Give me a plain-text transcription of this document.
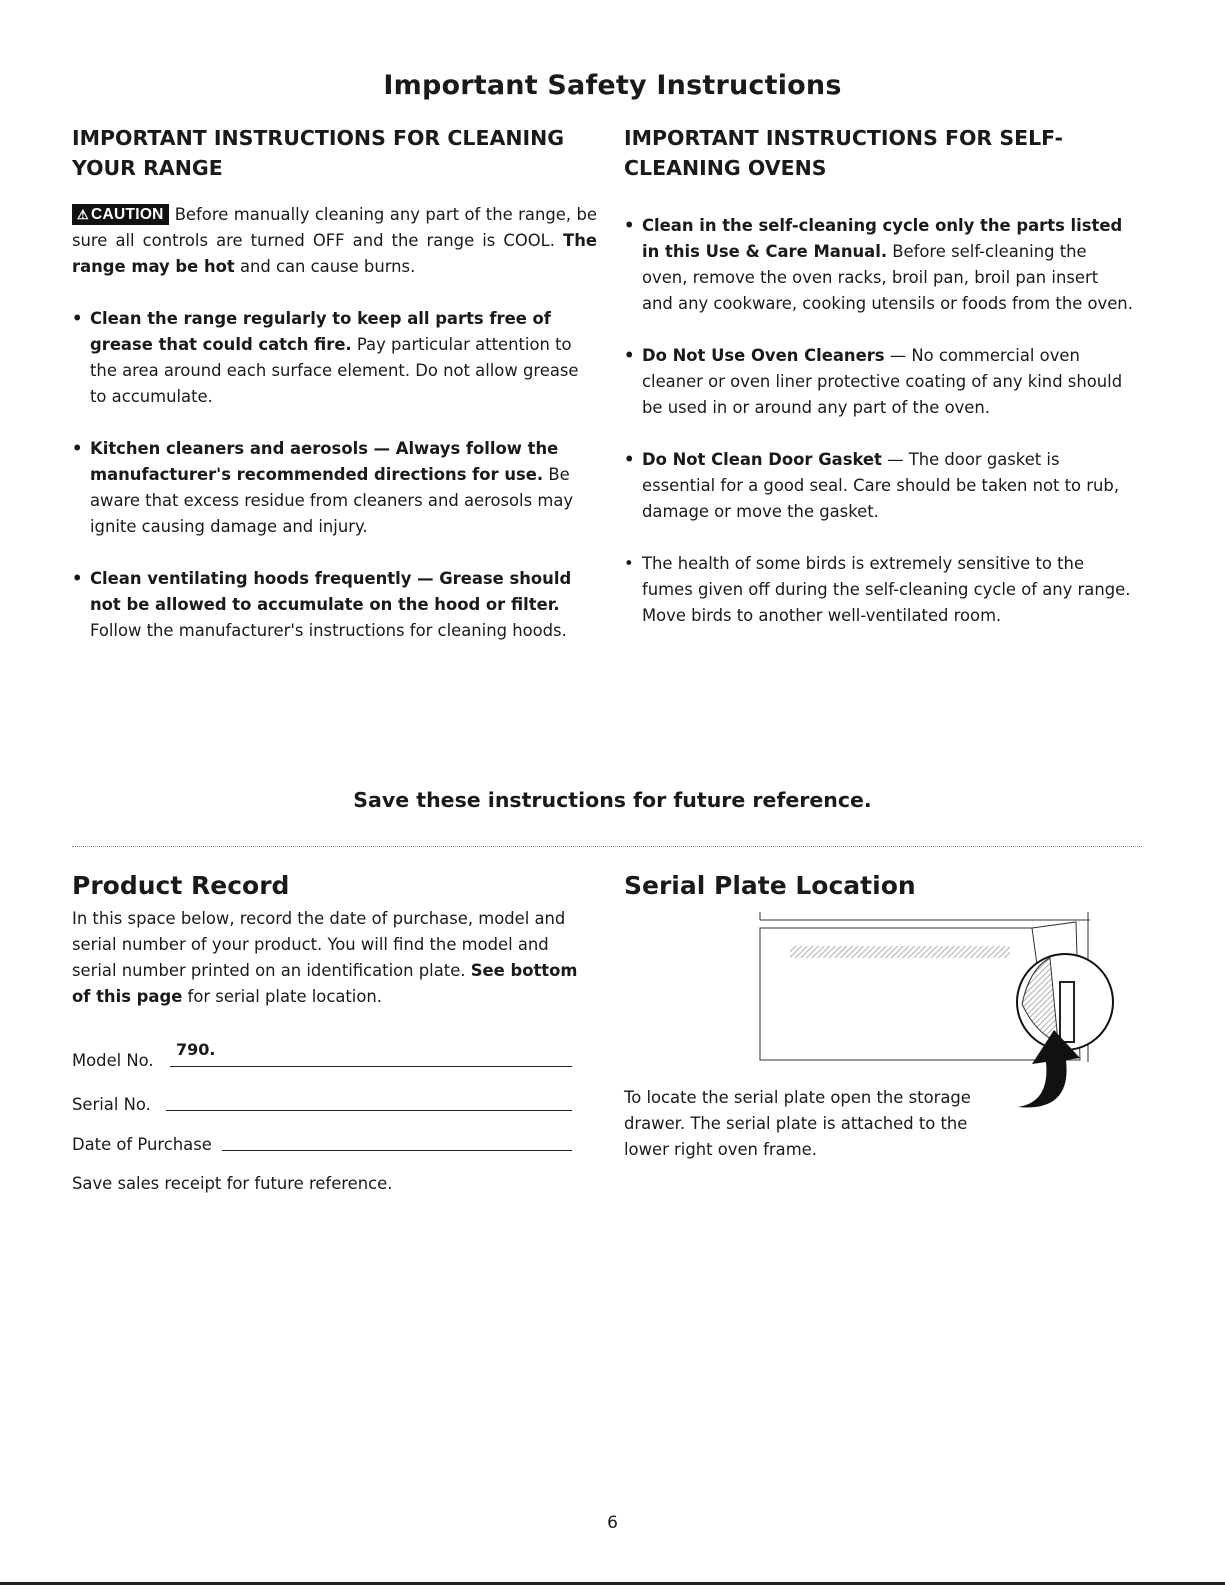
Important Safety Instructions
IMPORTANT INSTRUCTIONS FOR CLEANING
YOUR RANGE
⚠ CAUTION Before manually cleaning any part of the range, be sure all controls are turned OFF and the range is COOL. The range may be hot and can cause burns.
• Clean the range regularly to keep all parts free of grease that could catch fire. Pay particular attention to the area around each surface element. Do not allow grease to accumulate.
• Kitchen cleaners and aerosols — Always follow the manufacturer's recommended directions for use. Be aware that excess residue from cleaners and aerosols may ignite causing damage and injury.
• Clean ventilating hoods frequently — Grease should not be allowed to accumulate on the hood or filter. Follow the manufacturer's instructions for cleaning hoods.
IMPORTANT INSTRUCTIONS FOR SELF-
CLEANING OVENS
• Clean in the self-cleaning cycle only the parts listed in this Use & Care Manual. Before self-cleaning the oven, remove the oven racks, broil pan, broil pan insert and any cookware, cooking utensils or foods from the oven.
• Do Not Use Oven Cleaners — No commercial oven cleaner or oven liner protective coating of any kind should be used in or around any part of the oven.
• Do Not Clean Door Gasket — The door gasket is essential for a good seal. Care should be taken not to rub, damage or move the gasket.
• The health of some birds is extremely sensitive to the fumes given off during the self-cleaning cycle of any range. Move birds to another well-ventilated room.
Save these instructions for future reference.
Product Record
In this space below, record the date of purchase, model and serial number of your product. You will find the model and serial number printed on an identification plate. See bottom of this page for serial plate location.
Model No.
790.
Serial No.
Date of Purchase
Save sales receipt for future reference.
Serial Plate Location
To locate the serial plate open the storage drawer. The serial plate is attached to the lower right oven frame.
6
